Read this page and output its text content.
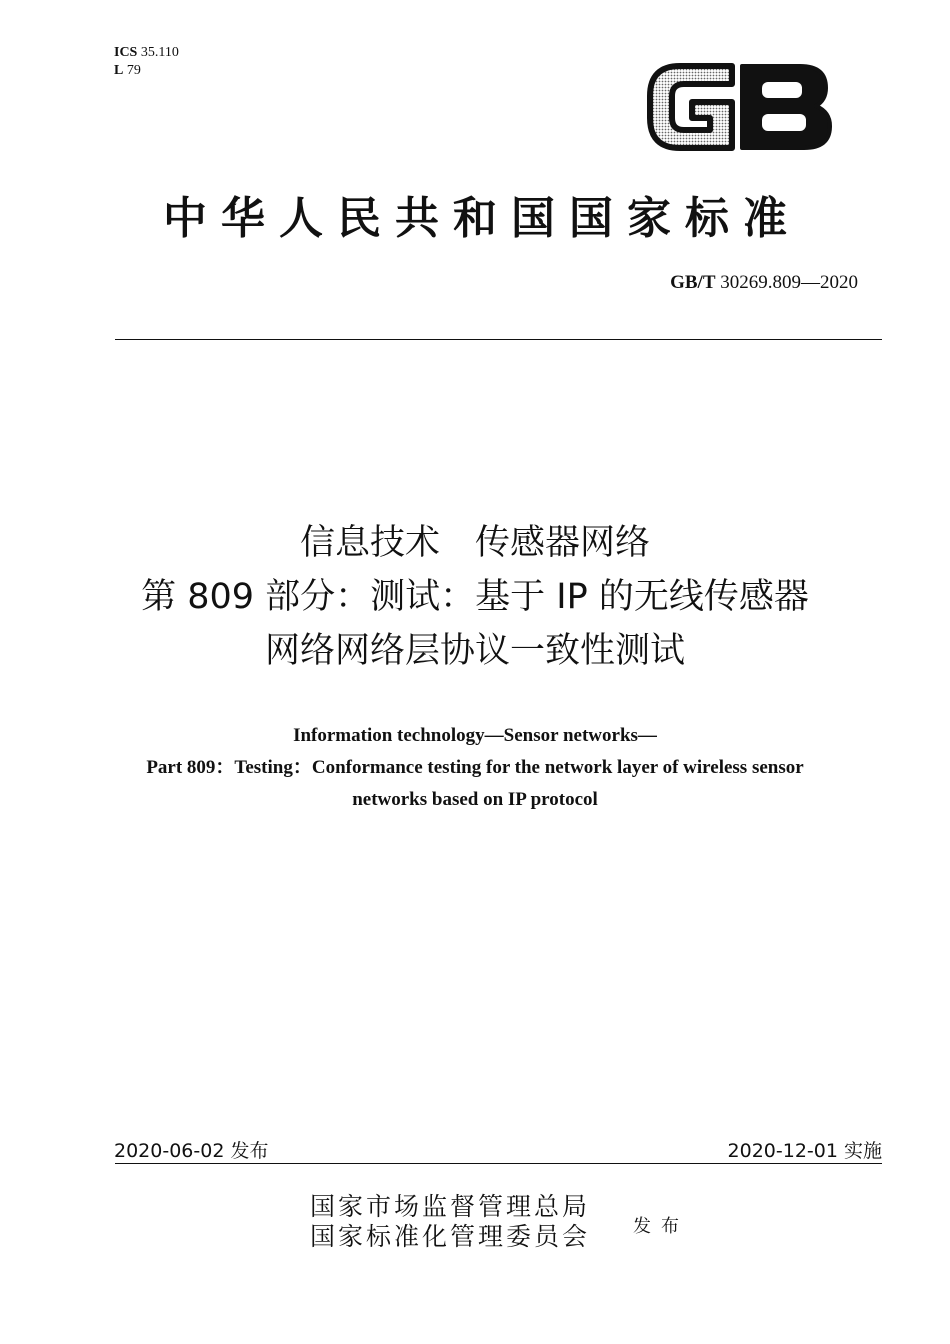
ICS 35.110
L 79
中华人民共和国国家标准
GB/T 30269.809—2020
信息技术　传感器网络
第 809 部分：测试：基于 IP 的无线传感器
网络网络层协议一致性测试
Information technology—Sensor networks—
Part 809：Testing：Conformance testing for the network layer of wireless sensor
networks based on IP protocol
2020-06-02 发布	2020-12-01 实施
国家市场监督管理总局
国家标准化管理委员会 发布
